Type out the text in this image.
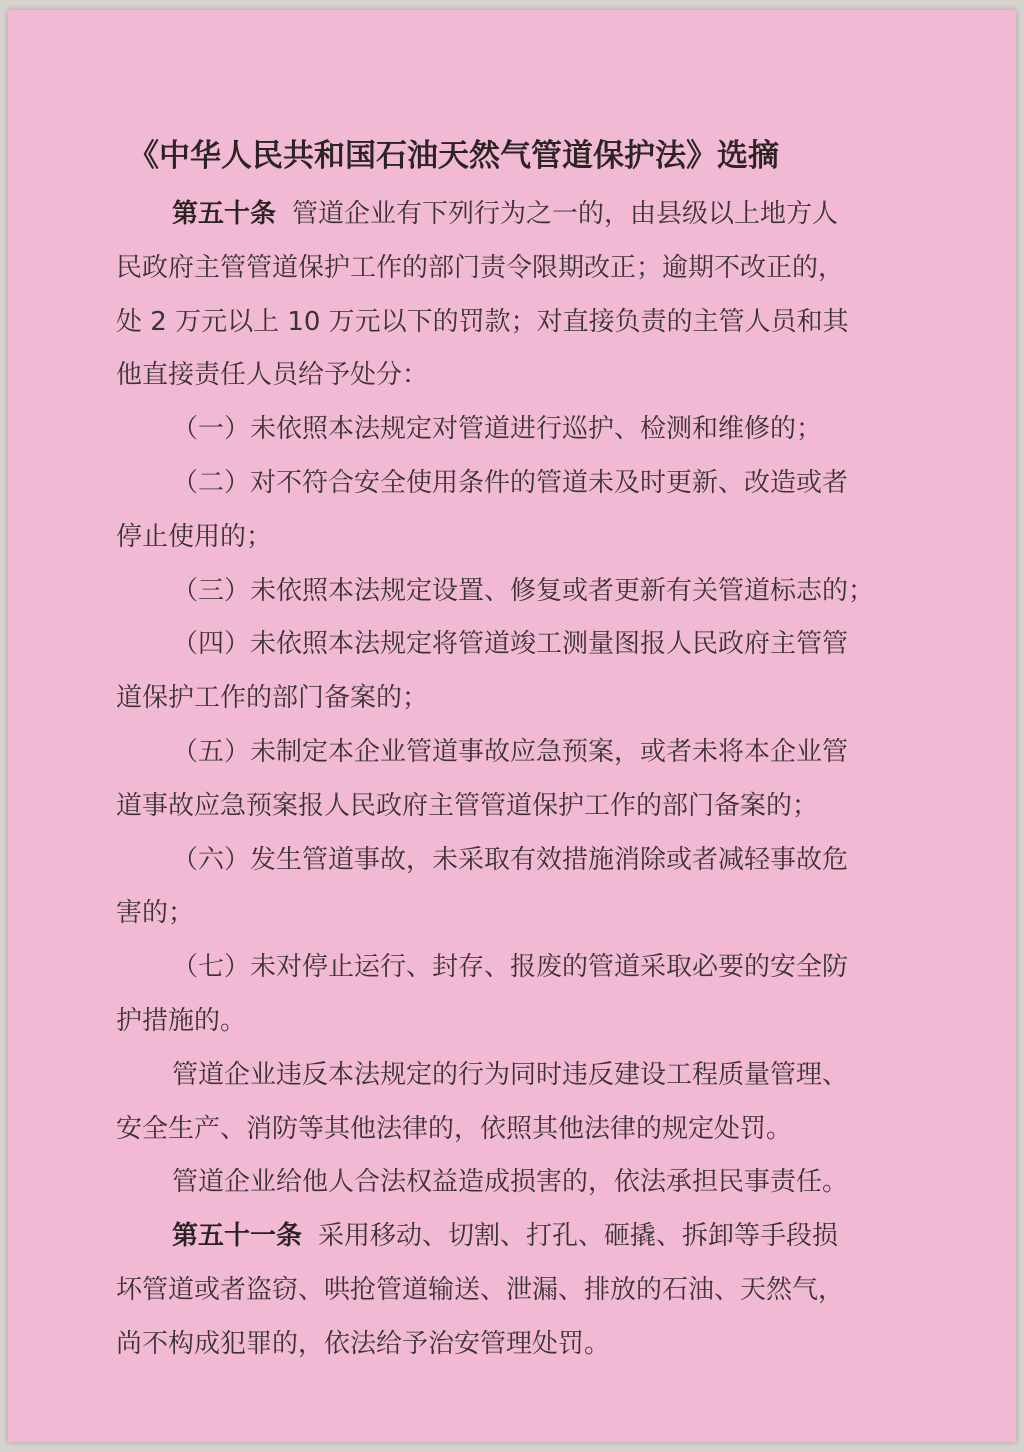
《中华人民共和国石油天然气管道保护法》选摘
第五十条 管道企业有下列行为之一的，由县级以上地方人
民政府主管管道保护工作的部门责令限期改正；逾期不改正的，
处 2 万元以上 10 万元以下的罚款；对直接负责的主管人员和其
他直接责任人员给予处分：
（一）未依照本法规定对管道进行巡护、检测和维修的；
（二）对不符合安全使用条件的管道未及时更新、改造或者
停止使用的；
（三）未依照本法规定设置、修复或者更新有关管道标志的；
（四）未依照本法规定将管道竣工测量图报人民政府主管管
道保护工作的部门备案的；
（五）未制定本企业管道事故应急预案，或者未将本企业管
道事故应急预案报人民政府主管管道保护工作的部门备案的；
（六）发生管道事故，未采取有效措施消除或者减轻事故危
害的；
（七）未对停止运行、封存、报废的管道采取必要的安全防
护措施的。
管道企业违反本法规定的行为同时违反建设工程质量管理、
安全生产、消防等其他法律的，依照其他法律的规定处罚。
管道企业给他人合法权益造成损害的，依法承担民事责任。
第五十一条 采用移动、切割、打孔、砸撬、拆卸等手段损
坏管道或者盗窃、哄抢管道输送、泄漏、排放的石油、天然气，
尚不构成犯罪的，依法给予治安管理处罚。
